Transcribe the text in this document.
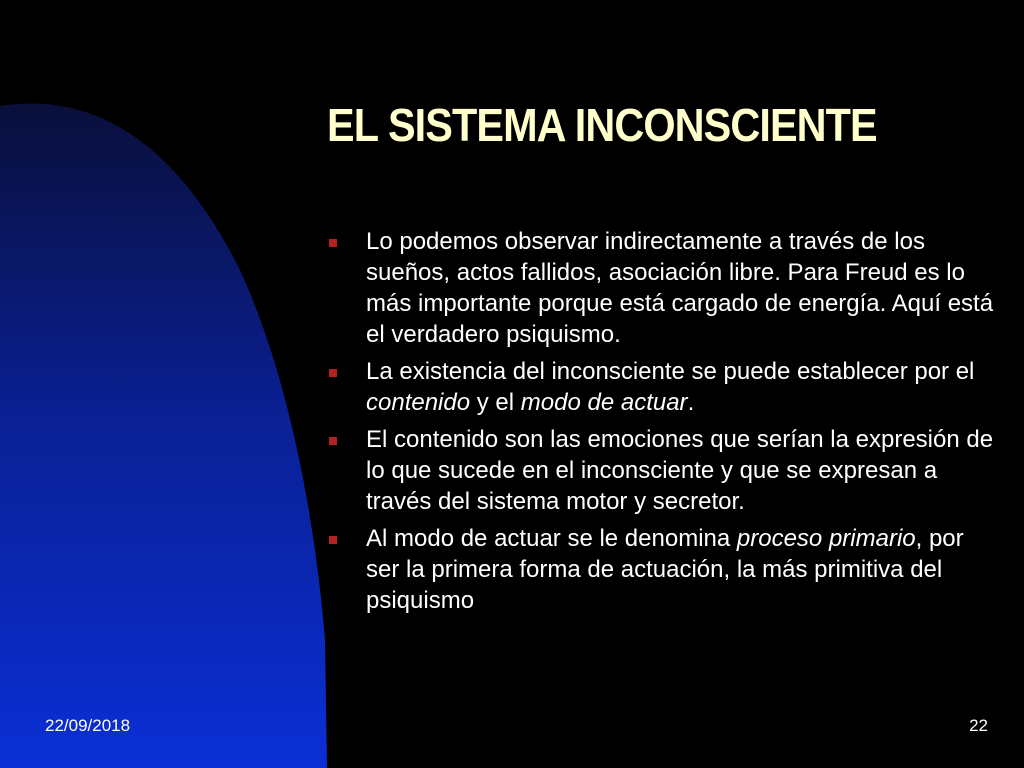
EL SISTEMA INCONSCIENTE
Lo podemos observar indirectamente a través de los sueños, actos fallidos, asociación libre. Para Freud es lo más importante porque está cargado de energía. Aquí está el verdadero psiquismo.
La existencia del inconsciente se puede establecer por el contenido y el modo de actuar.
El contenido son las emociones que serían la expresión de lo que sucede en el inconsciente y que se expresan a través del sistema motor y secretor.
Al modo de actuar se le denomina proceso primario, por ser la primera forma de actuación, la más primitiva del psiquismo
22/09/2018	22
